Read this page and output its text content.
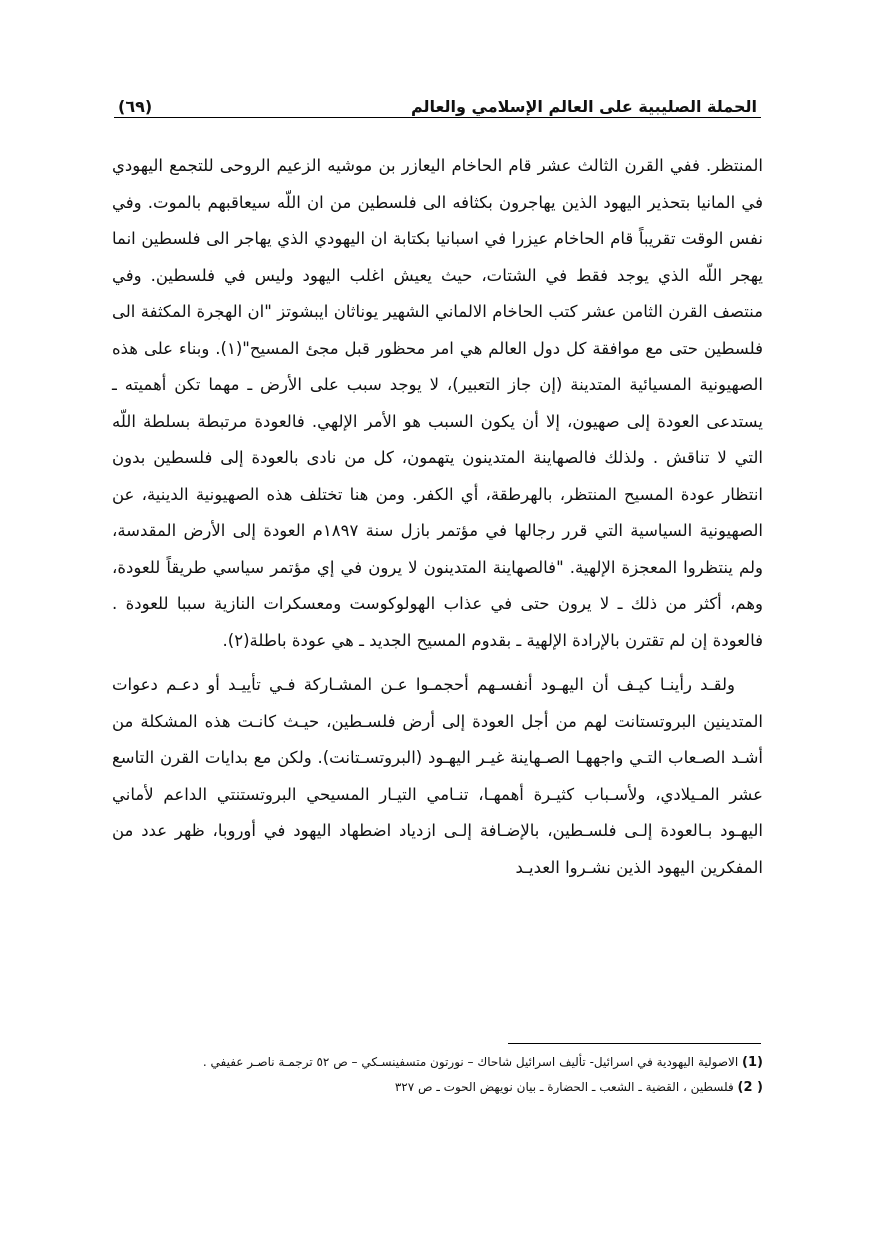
الحملة الصليبية على العالم الإسلامي والعالم
(٦٩)

المنتظر. ففي القرن الثالث عشر قام الحاخام اليعازر بن موشيه الزعيم الروحى للتجمع اليهودي في المانيا بتحذير اليهود الذين يهاجرون بكثافه الى فلسطين من ان اللّه سيعاقبهم بالموت. وفي نفس الوقت تقريباً قام الحاخام عيزرا في اسبانيا بكتابة ان اليهودي الذي يهاجر الى فلسطين انما يهجر اللّه الذي يوجد فقط في الشتات، حيث يعيش اغلب اليهود وليس في فلسطين. وفي منتصف القرن الثامن عشر كتب الحاخام الالماني الشهير يوناثان ايبشوتز "ان الهجرة المكثفة الى فلسطين حتى مع موافقة كل دول العالم هي امر محظور قبل مجئ المسيح"(١). وبناء على هذه الصهيونية المسيائية المتدينة (إن جاز التعبير)، لا يوجد سبب على الأرض ـ مهما تكن أهميته ـ يستدعى العودة إلى صهيون، إلا أن يكون السبب هو الأمر الإلهي. فالعودة مرتبطة بسلطة اللّه التي لا تناقش . ولذلك فالصهاينة المتدينون يتهمون، كل من نادى بالعودة إلى فلسطين بدون انتظار عودة المسيح المنتظر، بالهرطقة، أي الكفر. ومن هنا تختلف هذه الصهيونية الدينية، عن الصهيونية السياسية التي قرر رجالها في مؤتمر بازل سنة ١٨٩٧م العودة إلى الأرض المقدسة، ولم ينتظروا المعجزة الإلهية. "فالصهاينة المتدينون لا يرون في إي مؤتمر سياسي طريقاً للعودة، وهم، أكثر من ذلك ـ لا يرون حتى في عذاب الهولوكوست ومعسكرات النازية سببا للعودة . فالعودة إن لم تقترن بالإرادة الإلهية ـ بقدوم المسيح الجديد ـ هي عودة باطلة(٢).

ولقـد رأينـا كيـف أن اليهـود أنفسـهم أحجمـوا عـن المشـاركة فـي تأييـد أو دعـم دعوات المتدينين البروتستانت لهم من أجل العودة إلى أرض فلسـطين، حيـث كانـت هذه المشكلة من أشـد الصـعاب التـي واجههـا الصـهاينة غيـر اليهـود (البروتسـتانت). ولكن مع بدايات القرن التاسع عشر المـيلادي، ولأسـباب كثيـرة أهمهـا، تنـامي التيـار المسيحي البروتستنتي الداعم لأماني اليهـود بـالعودة إلـى فلسـطين، بالإضـافة إلـى ازدياد اضطهاد اليهود في أوروبا، ظهر عدد من المفكرين اليهود الذين نشـروا العديـد

(1) الاصولية اليهودية في اسرائيل- تأليف اسرائيل شاحاك – نورتون متسفينسـكي – ص ٥٢ ترجمـة ناصـر عفيفي .

( 2) فلسطين ، القضية ـ الشعب ـ الحضارة ـ بيان نويهض الحوت ـ ص ٣٢٧
